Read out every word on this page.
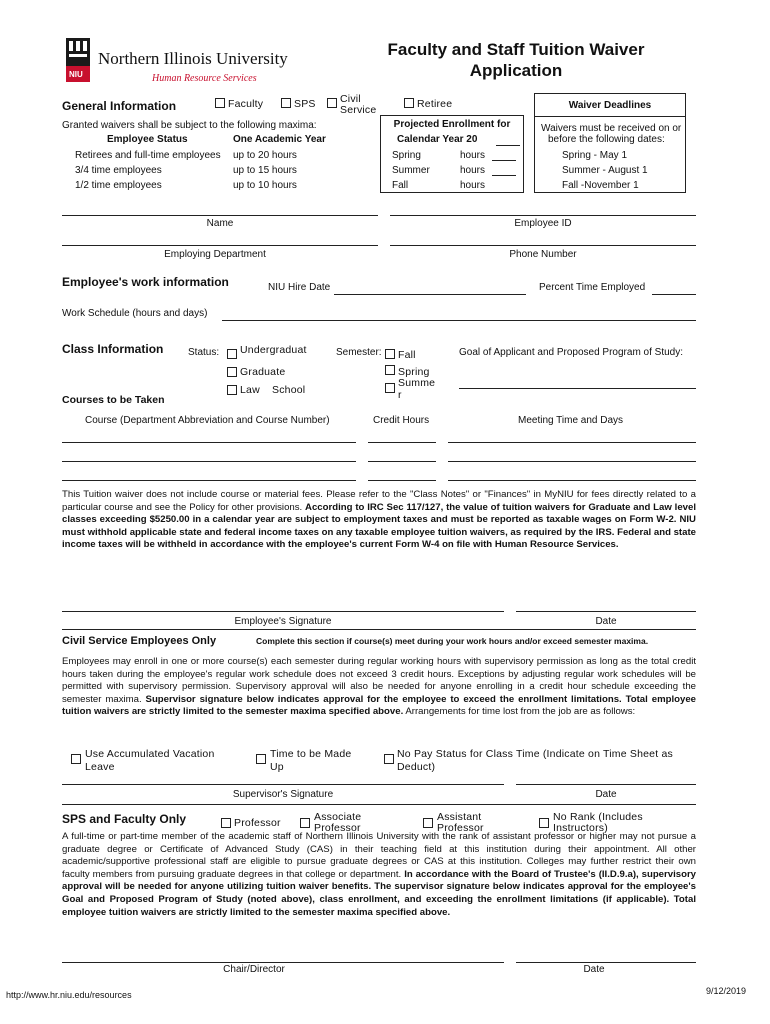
NIU
Northern Illinois University
Human Resource Services
Faculty and Staff Tuition Waiver
Application
General Information	Faculty	SPS Civil
Service	Retiree
Granted waivers shall be subject to the following maxima:
Employee Status	One Academic Year
Retirees and full-time employees up to 20 hours
3/4 time employees	up to 15 hours
1/2 time employees	up to 10 hours
Projected Enrollment for
Calendar Year 20
Spring	hours
Summer	hours
Fall	hours
Waiver Deadlines
Waivers must be received on or
before the following dates:
Spring - May 1
Summer - August 1
Fall -November 1
Name	Employee ID
Employing Department	Phone Number
Employee's work information	NIU Hire Date	Percent Time Employed
Work Schedule (hours and days)
Class Information Status: Undergraduat
Graduate
Law School
Semester: Fall
Spring
Summe
r
Goal of Applicant and Proposed Program of Study:
Courses to be Taken
Course (Department Abbreviation and Course Number)	Credit Hours	Meeting Time and Days
This Tuition waiver does not include course or material fees. Please refer to the "Class Notes" or "Finances" in MyNIU for fees directly related to a particular course and see the Policy for other provisions. According to IRC Sec 117/127, the value of tuition waivers for Graduate and Law level classes exceeding $5250.00 in a calendar year are subject to employment taxes and must be reported as taxable wages on Form W-2. NIU must withhold applicable state and federal income taxes on any taxable employee tuition waivers, as required by the IRS. Federal and state income taxes will be withheld in accordance with the employee's current Form W-4 on file with Human Resource Services.
Employee's Signature	Date
Civil Service Employees Only	Complete this section if course(s) meet during your work hours and/or exceed semester maxima.
Employees may enroll in one or more course(s) each semester during regular working hours with supervisory permission as long as the total credit hours taken during the employee's regular work schedule does not exceed 3 credit hours. Exceptions by adjusting regular work schedules will be permitted with supervisory permission. Supervisory approval will also be needed for anyone enrolling in a credit hour schedule exceeding the semester maxima. Supervisor signature below indicates approval for the employee to exceed the enrollment limitations. Total employee tuition waivers are strictly limited to the semester maxima specified above. Arrangements for time lost from the job are as follows:
Use Accumulated Vacation
Leave
Time to be Made
Up
No Pay Status for Class Time (Indicate on Time Sheet as
Deduct)
Supervisor's Signature	Date
SPS and Faculty Only	Professor	Associate
Professor
Assistant
Professor
No Rank (Includes
Instructors)
A full-time or part-time member of the academic staff of Northern Illinois University with the rank of assistant professor or higher may not pursue a graduate degree or Certificate of Advanced Study (CAS) in their teaching field at this institution during their appointment. All other academic/supportive professional staff are eligible to pursue graduate degrees or CAS at this institution. Colleges may further restrict their own faculty members from pursuing graduate degrees in that college or department. In accordance with the Board of Trustee's (II.D.9.a), supervisory approval will be needed for anyone utilizing tuition waiver benefits. The supervisor signature below indicates approval for the employee's Goal and Proposed Program of Study (noted above), class enrollment, and exceeding the enrollment limitations (if applicable). Total employee tuition waivers are strictly limited to the semester maxima specified above.
Chair/Director	Date
http://www.hr.niu.edu/resources	9/12/2019
